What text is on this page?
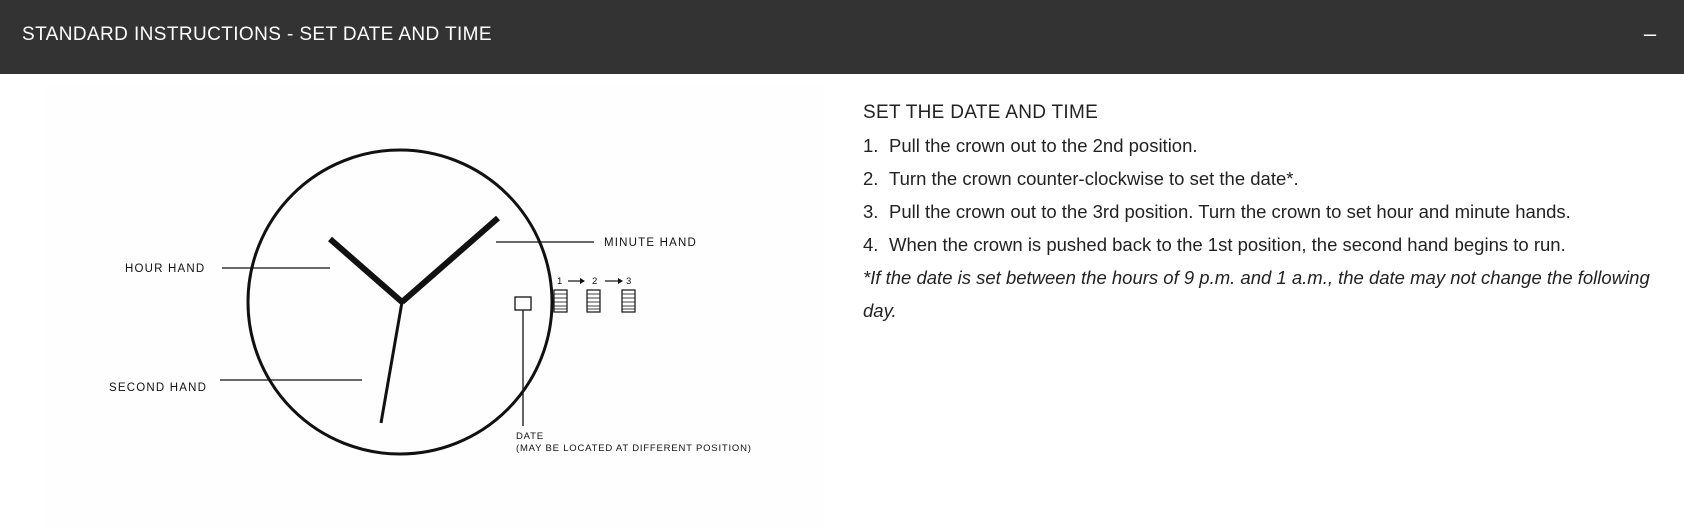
STANDARD INSTRUCTIONS - SET DATE AND TIME	–
HOUR HAND
MINUTE HAND
SECOND HAND
DATE
(MAY BE LOCATED AT DIFFERENT POSITION)
1	2	3
SET THE DATE AND TIME
1. Pull the crown out to the 2nd position.
2. Turn the crown counter-clockwise to set the date*.
3. Pull the crown out to the 3rd position. Turn the crown to set hour and minute hands.
4. When the crown is pushed back to the 1st position, the second hand begins to run.
*If the date is set between the hours of 9 p.m. and 1 a.m., the date may not change the following day.
